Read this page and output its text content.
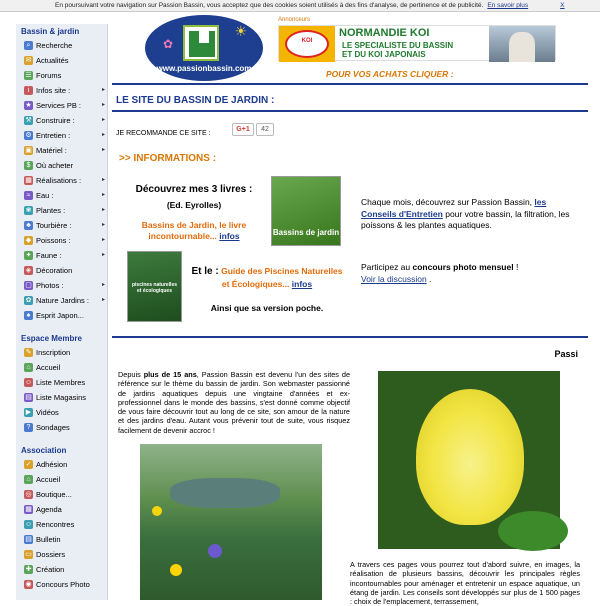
En poursuivant votre navigation sur Passion Bassin, vous acceptez que des cookies soient utilisés à des fins d'analyse, de pertinence et de publicité. En savoir plus	X
Bassin & jardin
⌕ Recherche
✉ Actualités
☰ Forums
i Infos site :	▸
★ Services PB :	▸
⚒ Construire :	▸
⚙ Entretien :	▸
▣ Matériel :	▸
$ Où acheter
▦ Réalisations :	▸
≈ Eau :	▸
❀ Plantes :	▸
♣ Tourbière :	▸
◆ Poissons :	▸
✦ Faune :	▸
◈ Décoration
▢ Photos :	▸
✿ Nature Jardins : ▸
♠ Esprit Japon...
Espace Membre
✎ Inscription
⌂ Accueil
☺ Liste Membres
▤ Liste Magasins
▶ Vidéos
? Sondages
Association
✓ Adhésion
⌂ Accueil
◎ Boutique...
▦ Agenda
☺ Rencontres
▤ Bulletin
▭ Dossiers
✚ Création
◉ Concours Photo
✿
☀
www.passionbassin.com
Annonceurs
KOI
NORMANDIE KOI
LE SPECIALISTE DU BASSIN
ET DU KOI JAPONAIS
POUR VOS ACHATS CLIQUER :
LE SITE DU BASSIN DE JARDIN :
JE RECOMMANDE CE SITE :
G+1	42
>> INFORMATIONS :
Découvrez mes 3 livres :
(Ed. Eyrolles)
Bassins de Jardin, le livre incontournable... infos	Bassins de jardin
piscines naturelles et écologiques
Et le : Guide des Piscines Naturelles et Écologiques... infos
Ainsi que sa version poche.
Chaque mois, découvrez sur Passion Bassin, les Conseils d'Entretien pour votre bassin, la filtration, les poissons & les plantes aquatiques.
Participez au concours photo mensuel !
Voir la discussion .
Passi
Depuis plus de 15 ans, Passion Bassin est devenu l'un des sites de référence sur le thème du bassin de jardin. Son webmaster passionné de jardins aquatiques depuis une vingtaine d'années et ex-professionnel dans le monde des bassins, s'est donné comme objectif de vous faire découvrir tout au long de ce site, son amour de la nature et des jardins d'eau. Autant vous prévenir tout de suite, vous risquez facilement de devenir accroc !
A travers ces pages vous pourrez tout d'abord suivre, en images, la réalisation de plusieurs bassins, découvrir les principales règles incontournables pour aménager et entretenir un espace aquatique, un étang de jardin. Les conseils sont développés sur plus de 1 500 pages : choix de l'emplacement, terrassement,
